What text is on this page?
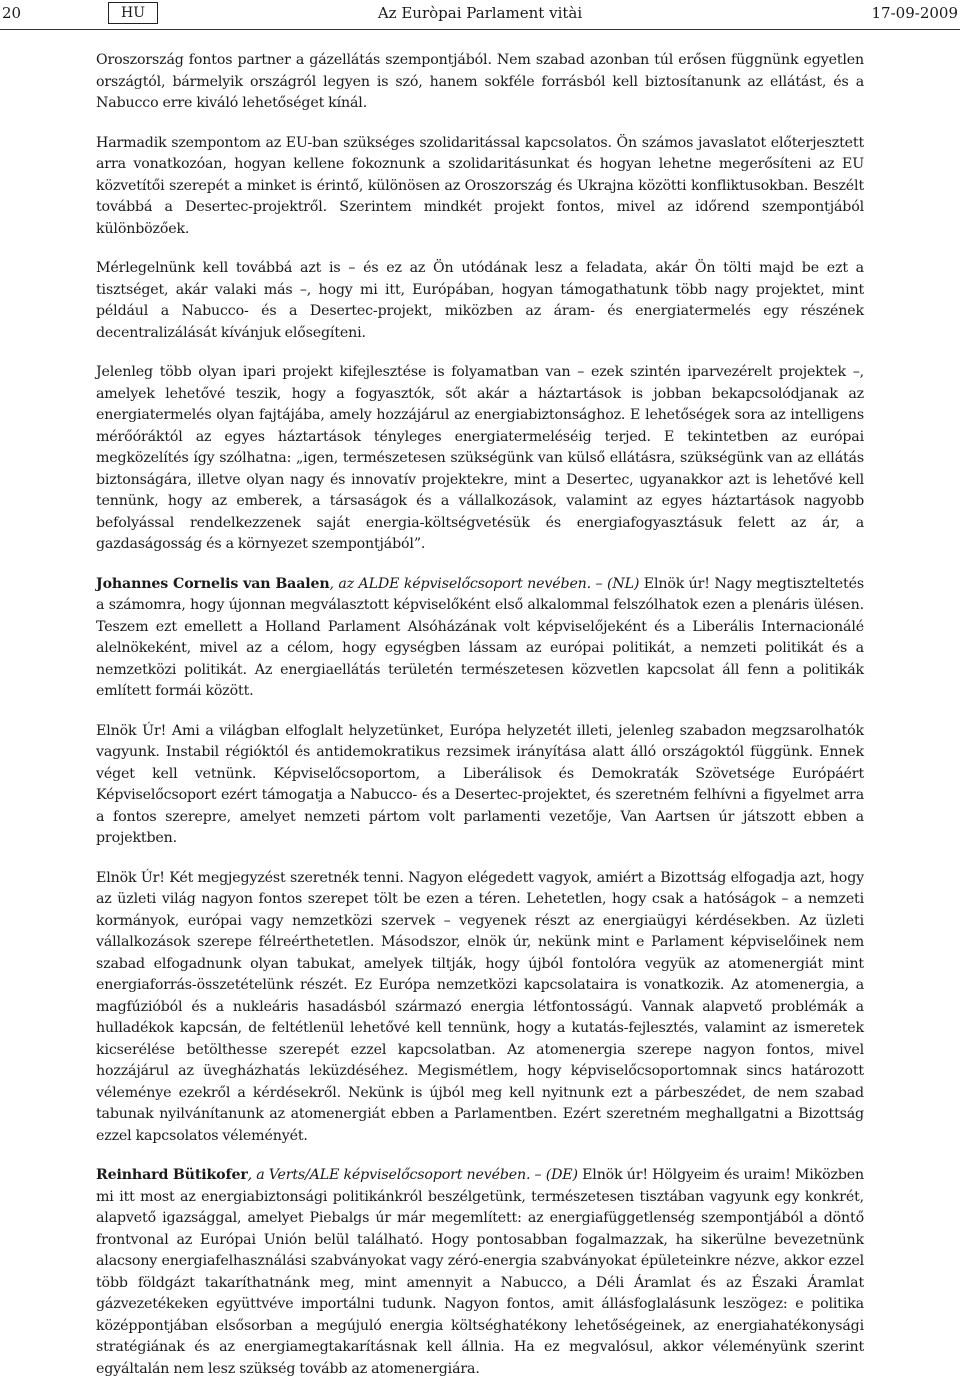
20	HU	Az Euròpai Parlament vitài	17-09-2009

Oroszország fontos partner a gázellátás szempontjából. Nem szabad azonban túl erősen függnünk egyetlen országtól, bármelyik országról legyen is szó, hanem sokféle forrásból kell biztosítanunk az ellátást, és a Nabucco erre kiváló lehetőséget kínál.

Harmadik szempontom az EU-ban szükséges szolidaritással kapcsolatos. Ön számos javaslatot előterjesztett arra vonatkozóan, hogyan kellene fokoznunk a szolidaritásunkat és hogyan lehetne megerősíteni az EU közvetítői szerepét a minket is érintő, különösen az Oroszország és Ukrajna közötti konfliktusokban. Beszélt továbbá a Desertec-projektről. Szerintem mindkét projekt fontos, mivel az időrend szempontjából különbözőek.

Mérlegelnünk kell továbbá azt is – és ez az Ön utódának lesz a feladata, akár Ön tölti majd be ezt a tisztséget, akár valaki más –, hogy mi itt, Európában, hogyan támogathatunk több nagy projektet, mint például a Nabucco- és a Desertec-projekt, miközben az áram- és energiatermelés egy részének decentralizálását kívánjuk elősegíteni.

Jelenleg több olyan ipari projekt kifejlesztése is folyamatban van – ezek szintén iparvezérelt projektek –, amelyek lehetővé teszik, hogy a fogyasztók, sőt akár a háztartások is jobban bekapcsolódjanak az energiatermelés olyan fajtájába, amely hozzájárul az energiabiztonsághoz. E lehetőségek sora az intelligens mérőóráktól az egyes háztartások tényleges energiatermeléséig terjed. E tekintetben az európai megközelítés így szólhatna: „igen, természetesen szükségünk van külső ellátásra, szükségünk van az ellátás biztonságára, illetve olyan nagy és innovatív projektekre, mint a Desertec, ugyanakkor azt is lehetővé kell tennünk, hogy az emberek, a társaságok és a vállalkozások, valamint az egyes háztartások nagyobb befolyással rendelkezzenek saját energia-költségvetésük és energiafogyasztásuk felett az ár, a gazdaságosság és a környezet szempontjából”.

Johannes Cornelis van Baalen, az ALDE képviselőcsoport nevében. – (NL) Elnök úr! Nagy megtiszteltetés a számomra, hogy újonnan megválasztott képviselőként első alkalommal felszólhatok ezen a plenáris ülésen. Teszem ezt emellett a Holland Parlament Alsóházának volt képviselőjeként és a Liberális Internacionálé alelnökeként, mivel az a célom, hogy egységben lássam az európai politikát, a nemzeti politikát és a nemzetközi politikát. Az energiaellátás területén természetesen közvetlen kapcsolat áll fenn a politikák említett formái között.

Elnök Úr! Ami a világban elfoglalt helyzetünket, Európa helyzetét illeti, jelenleg szabadon megzsarolhatók vagyunk. Instabil régióktól és antidemokratikus rezsimek irányítása alatt álló országoktól függünk. Ennek véget kell vetnünk. Képviselőcsoportom, a Liberálisok és Demokraták Szövetsége Európáért Képviselőcsoport ezért támogatja a Nabucco- és a Desertec-projektet, és szeretném felhívni a figyelmet arra a fontos szerepre, amelyet nemzeti pártom volt parlamenti vezetője, Van Aartsen úr játszott ebben a projektben.

Elnök Úr! Két megjegyzést szeretnék tenni. Nagyon elégedett vagyok, amiért a Bizottság elfogadja azt, hogy az üzleti világ nagyon fontos szerepet tölt be ezen a téren. Lehetetlen, hogy csak a hatóságok – a nemzeti kormányok, európai vagy nemzetközi szervek – vegyenek részt az energiaügyi kérdésekben. Az üzleti vállalkozások szerepe félreérthetetlen. Másodszor, elnök úr, nekünk mint e Parlament képviselőinek nem szabad elfogadnunk olyan tabukat, amelyek tiltják, hogy újból fontolóra vegyük az atomenergiát mint energiaforrás-összetételünk részét. Ez Európa nemzetközi kapcsolataira is vonatkozik. Az atomenergia, a magfúzióból és a nukleáris hasadásból származó energia létfontosságú. Vannak alapvető problémák a hulladékok kapcsán, de feltétlenül lehetővé kell tennünk, hogy a kutatás-fejlesztés, valamint az ismeretek kicserélése betölthesse szerepét ezzel kapcsolatban. Az atomenergia szerepe nagyon fontos, mivel hozzájárul az üvegházhatás leküzdéséhez. Megismétlem, hogy képviselőcsoportomnak sincs határozott véleménye ezekről a kérdésekről. Nekünk is újból meg kell nyitnunk ezt a párbeszédet, de nem szabad tabunak nyilvánítanunk az atomenergiát ebben a Parlamentben. Ezért szeretném meghallgatni a Bizottság ezzel kapcsolatos véleményét.

Reinhard Bütikofer, a Verts/ALE képviselőcsoport nevében. – (DE) Elnök úr! Hölgyeim és uraim! Miközben mi itt most az energiabiztonsági politikánkról beszélgetünk, természetesen tisztában vagyunk egy konkrét, alapvető igazsággal, amelyet Piebalgs úr már megemlített: az energiafüggetlenség szempontjából a döntő frontvonal az Európai Unión belül található. Hogy pontosabban fogalmazzak, ha sikerülne bevezetnünk alacsony energiafelhasználási szabványokat vagy zéró-energia szabványokat épületeinkre nézve, akkor ezzel több földgázt takaríthatnánk meg, mint amennyit a Nabucco, a Déli Áramlat és az Északi Áramlat gázvezetékeken együttvéve importálni tudunk. Nagyon fontos, amit állásfoglalásunk leszögez: e politika középpontjában elsősorban a megújuló energia költséghatékony lehetőségeinek, az energiahatékonysági stratégiának és az energiamegtakarításnak kell állnia. Ha ez megvalósul, akkor véleményünk szerint egyáltalán nem lesz szükség tovább az atomenergiára.
